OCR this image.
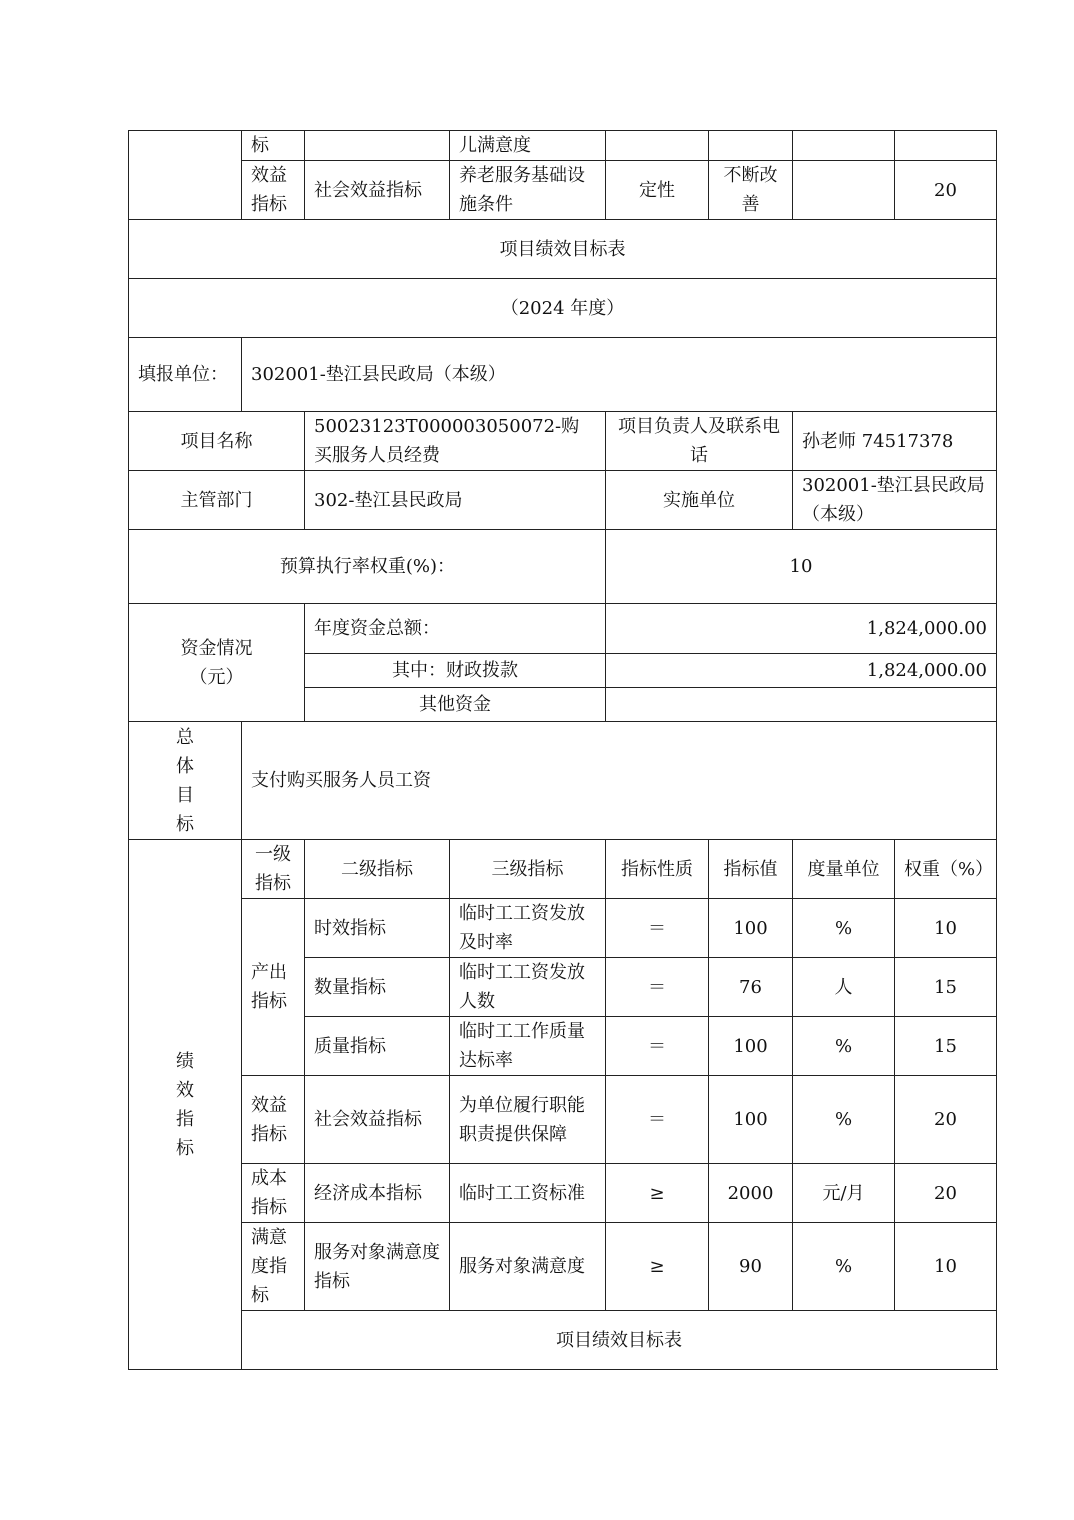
	标		儿满意度				
	效益指标	社会效益指标	养老服务基础设施条件	定性	不断改善		20
项目绩效目标表							
（2024 年度）							
填报单位：	302001-垫江县民政局（本级）						
项目名称		50023123T000003050072-购买服务人员经费		项目负责人及联系电话		孙老师 74517378	
主管部门		302-垫江县民政局		实施单位		302001-垫江县民政局（本级）	
预算执行率权重(%)：				10			
资金情况（元）		年度资金总额：		1,824,000.00			
		其中：财政拨款		1,824,000.00			
		其他资金					
总体目标	支付购买服务人员工资						
绩效指标	一级指标	二级指标	三级指标	指标性质	指标值	度量单位	权重（%）
	产出指标	时效指标	临时工工资发放及时率	＝	100	%	10
		数量指标	临时工工资发放人数	＝	76	人	15
		质量指标	临时工工作质量达标率	＝	100	%	15
	效益指标	社会效益指标	为单位履行职能职责提供保障	＝	100	%	20
	成本指标	经济成本指标	临时工工资标准	≥	2000	元/月	20
	满意度指标	服务对象满意度指标	服务对象满意度	≥	90	%	10
	项目绩效目标表						
